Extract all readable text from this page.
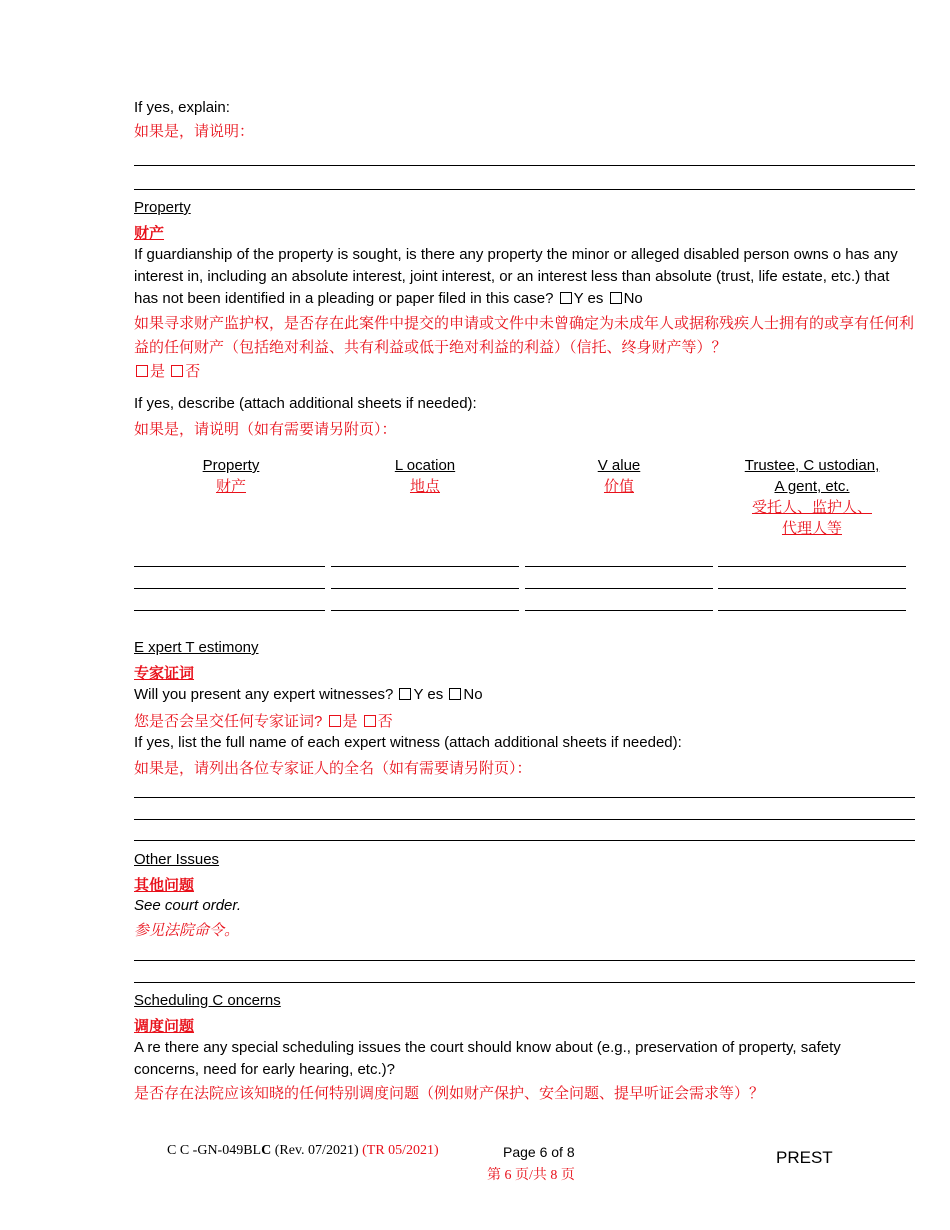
If yes, explain:
如果是，请说明：
Property
财产
If guardianship of the property is sought, is there any property the minor or alleged disabled person owns o has any interest in, including an absolute interest, joint interest, or an interest less than absolute (trust, life estate, etc.) that has not been identified in a pleading or paper filed in this case? Y es No
如果寻求财产监护权，是否存在此案件中提交的申请或文件中未曾确定为未成年人或据称残疾人士拥有的或享有任何利益的任何财产（包括绝对利益、共有利益或低于绝对利益的利益）（信托、终身财产等）？
是 否
If yes, describe (attach additional sheets if needed):
如果是，请说明（如有需要请另附页）：
Property
财产
L ocation
地点
V alue
价值
Trustee, C ustodian,
A gent, etc.
受托人、监护人、
代理人等
E xpert T estimony
专家证词
Will you present any expert witnesses? Y es No
您是否会呈交任何专家证词? 是 否
If yes, list the full name of each expert witness (attach additional sheets if needed):
如果是，请列出各位专家证人的全名（如有需要请另附页）：
Other Issues
其他问题
See court order.
参见法院命令。
Scheduling C oncerns
调度问题
A re there any special scheduling issues the court should know about (e.g., preservation of property, safety concerns, need for early hearing, etc.)?
是否存在法院应该知晓的任何特别调度问题（例如财产保护、安全问题、提早听证会需求等）？
C C -GN-049BLC (Rev. 07/2021) (TR 05/2021)	Page 6 of 8
第 6 页/共 8 页
PREST
